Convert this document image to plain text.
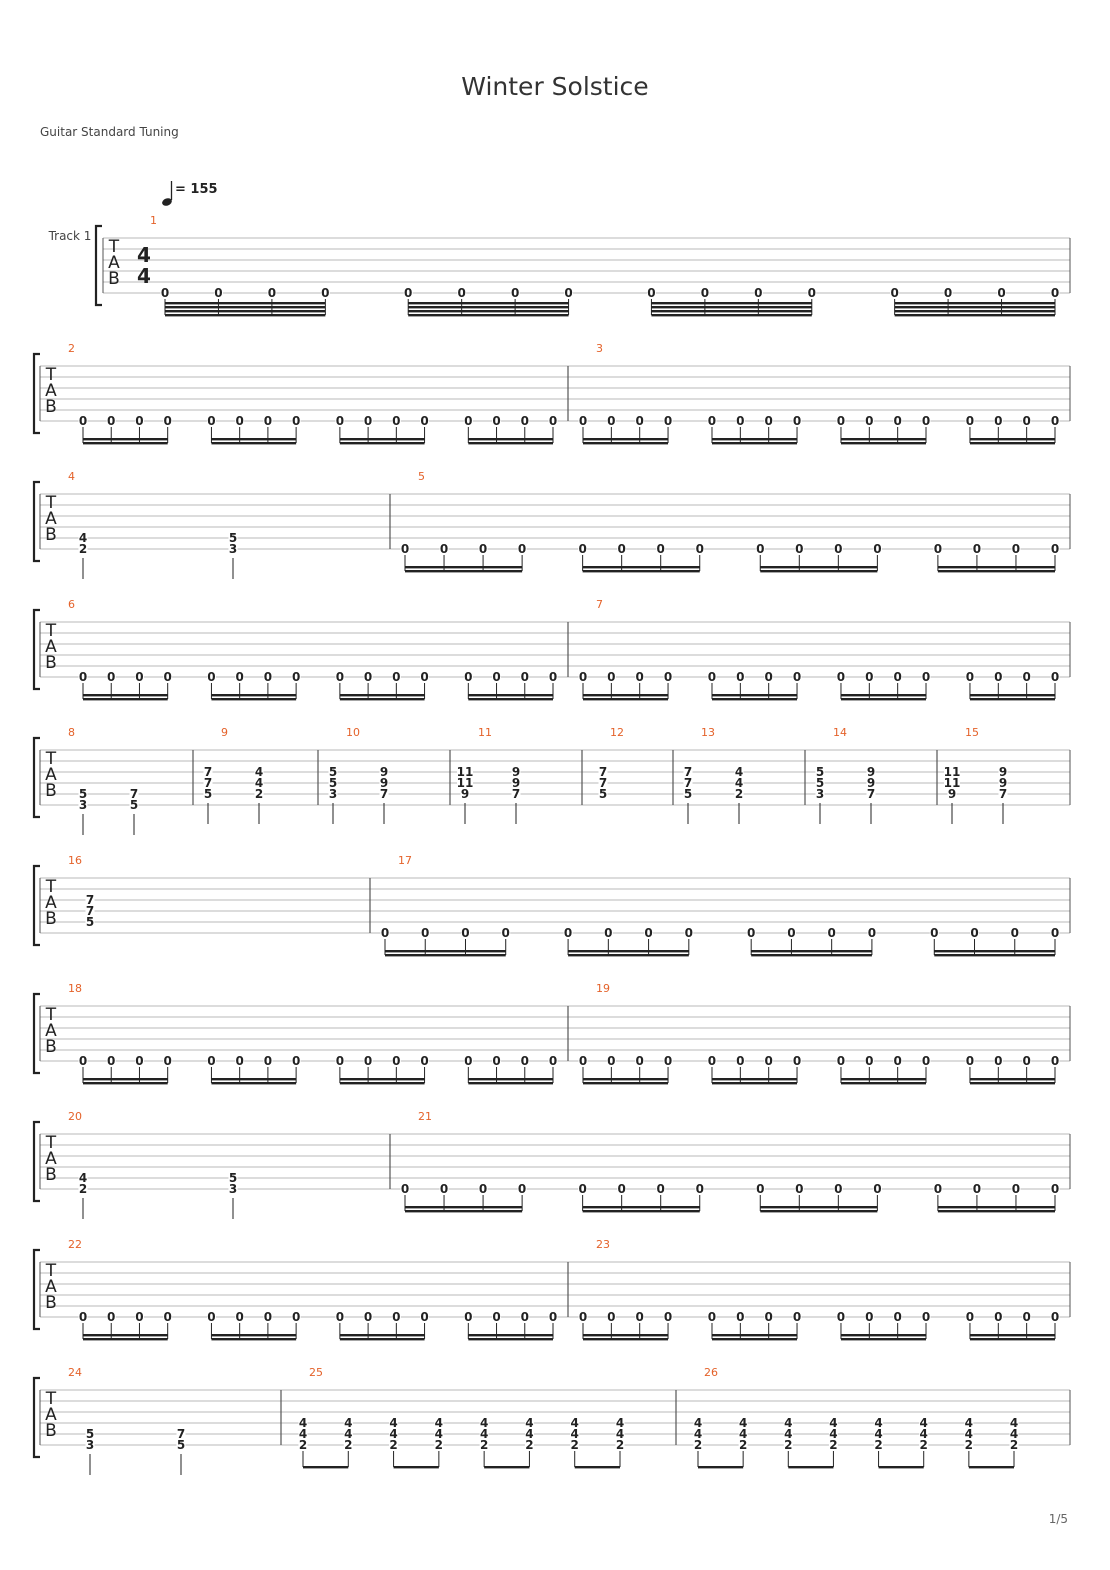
Winter Solstice
Guitar Standard Tuning
T
A
B
Track 1
4
4
= 155
1
0	0	0	0	0	0	0	0	0	0	0	0	0	0	0	0
T
A
B
2
0 0 0 0	0 0 0 0	0 0 0 0	0 0 0 0
3
0 0 0 0	0 0 0 0	0 0 0 0	0 0 0 0
T
A
B
4
4
2
5
3
5
0	0	0	0	0	0	0	0	0	0	0	0	0	0	0	0
T
A
B
6
0 0 0 0	0 0 0 0	0 0 0 0	0 0 0 0
7
0 0 0 0	0 0 0 0	0 0 0 0	0 0 0 0
T
A
B
8
5
3
7
5
9
7
7
5
4
4
2
10
5
5
3
9
9
7
11
11
11
9
9
9
7
12
7
7
5
13
7
7
5
4
4
2
14
5
5
3
9
9
7
15
11
11
9
9
9
7
T
A
B
16
7
7
5
17
0	0	0	0	0	0	0	0	0	0	0	0	0	0	0	0
T
A
B
18
0 0 0 0	0 0 0 0	0 0 0 0	0 0 0 0
19
0 0 0 0	0 0 0 0	0 0 0 0	0 0 0 0
T
A
B
20
4
2
5
3
21
0	0	0	0	0	0	0	0	0	0	0	0	0	0	0	0
T
A
B
22
0 0 0 0	0 0 0 0	0 0 0 0	0 0 0 0
23
0 0 0 0	0 0 0 0	0 0 0 0	0 0 0 0
T
A
B
24
5
3
7
5
25
4
4
2
4
4
2
4
4
2
4
4
2
4
4
2
4
4
2
4
4
2
4
4
2
26
4
4
2
4
4
2
4
4
2
4
4
2
4
4
2
4
4
2
4
4
2
4
4
2
1/5
